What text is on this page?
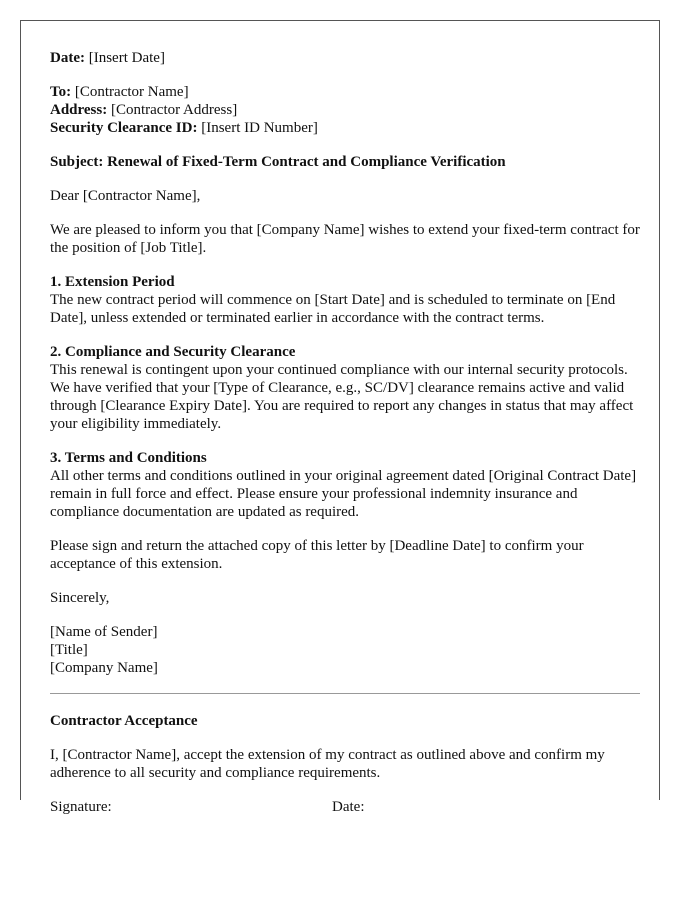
Date: [Insert Date]

To: [Contractor Name]
Address: [Contractor Address]
Security Clearance ID: [Insert ID Number]

Subject: Renewal of Fixed-Term Contract and Compliance Verification

Dear [Contractor Name],

We are pleased to inform you that [Company Name] wishes to extend your fixed-term contract for the position of [Job Title].

1. Extension Period
The new contract period will commence on [Start Date] and is scheduled to terminate on [End Date], unless extended or terminated earlier in accordance with the contract terms.

2. Compliance and Security Clearance
This renewal is contingent upon your continued compliance with our internal security protocols. We have verified that your [Type of Clearance, e.g., SC/DV] clearance remains active and valid through [Clearance Expiry Date]. You are required to report any changes in status that may affect your eligibility immediately.

3. Terms and Conditions
All other terms and conditions outlined in your original agreement dated [Original Contract Date] remain in full force and effect. Please ensure your professional indemnity insurance and compliance documentation are updated as required.

Please sign and return the attached copy of this letter by [Deadline Date] to confirm your acceptance of this extension.

Sincerely,

[Name of Sender]
[Title]
[Company Name]

Contractor Acceptance

I, [Contractor Name], accept the extension of my contract as outlined above and confirm my adherence to all security and compliance requirements.

Signature:	Date:
